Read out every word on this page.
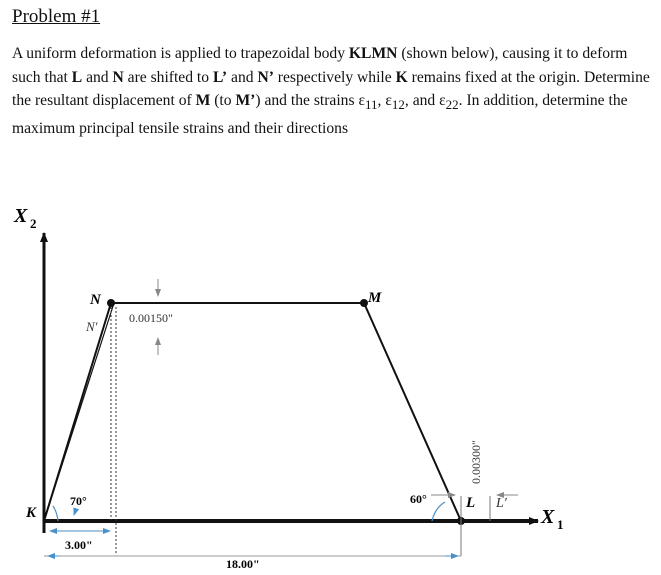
Problem #1
A uniform deformation is applied to trapezoidal body KLMN (shown below), causing it to deform such that L and N are shifted to L’ and N’ respectively while K remains fixed at the origin. Determine the resultant displacement of M (to M’) and the strains $\varepsilon_{11}$, $\varepsilon_{12}$, and $\varepsilon_{22}$. In addition, determine the maximum principal tensile strains and their directions
X 2
X 1
K
N
N′
M
L L′
0.00150"
0.00300"
70°	60°
3.00"
18.00"
